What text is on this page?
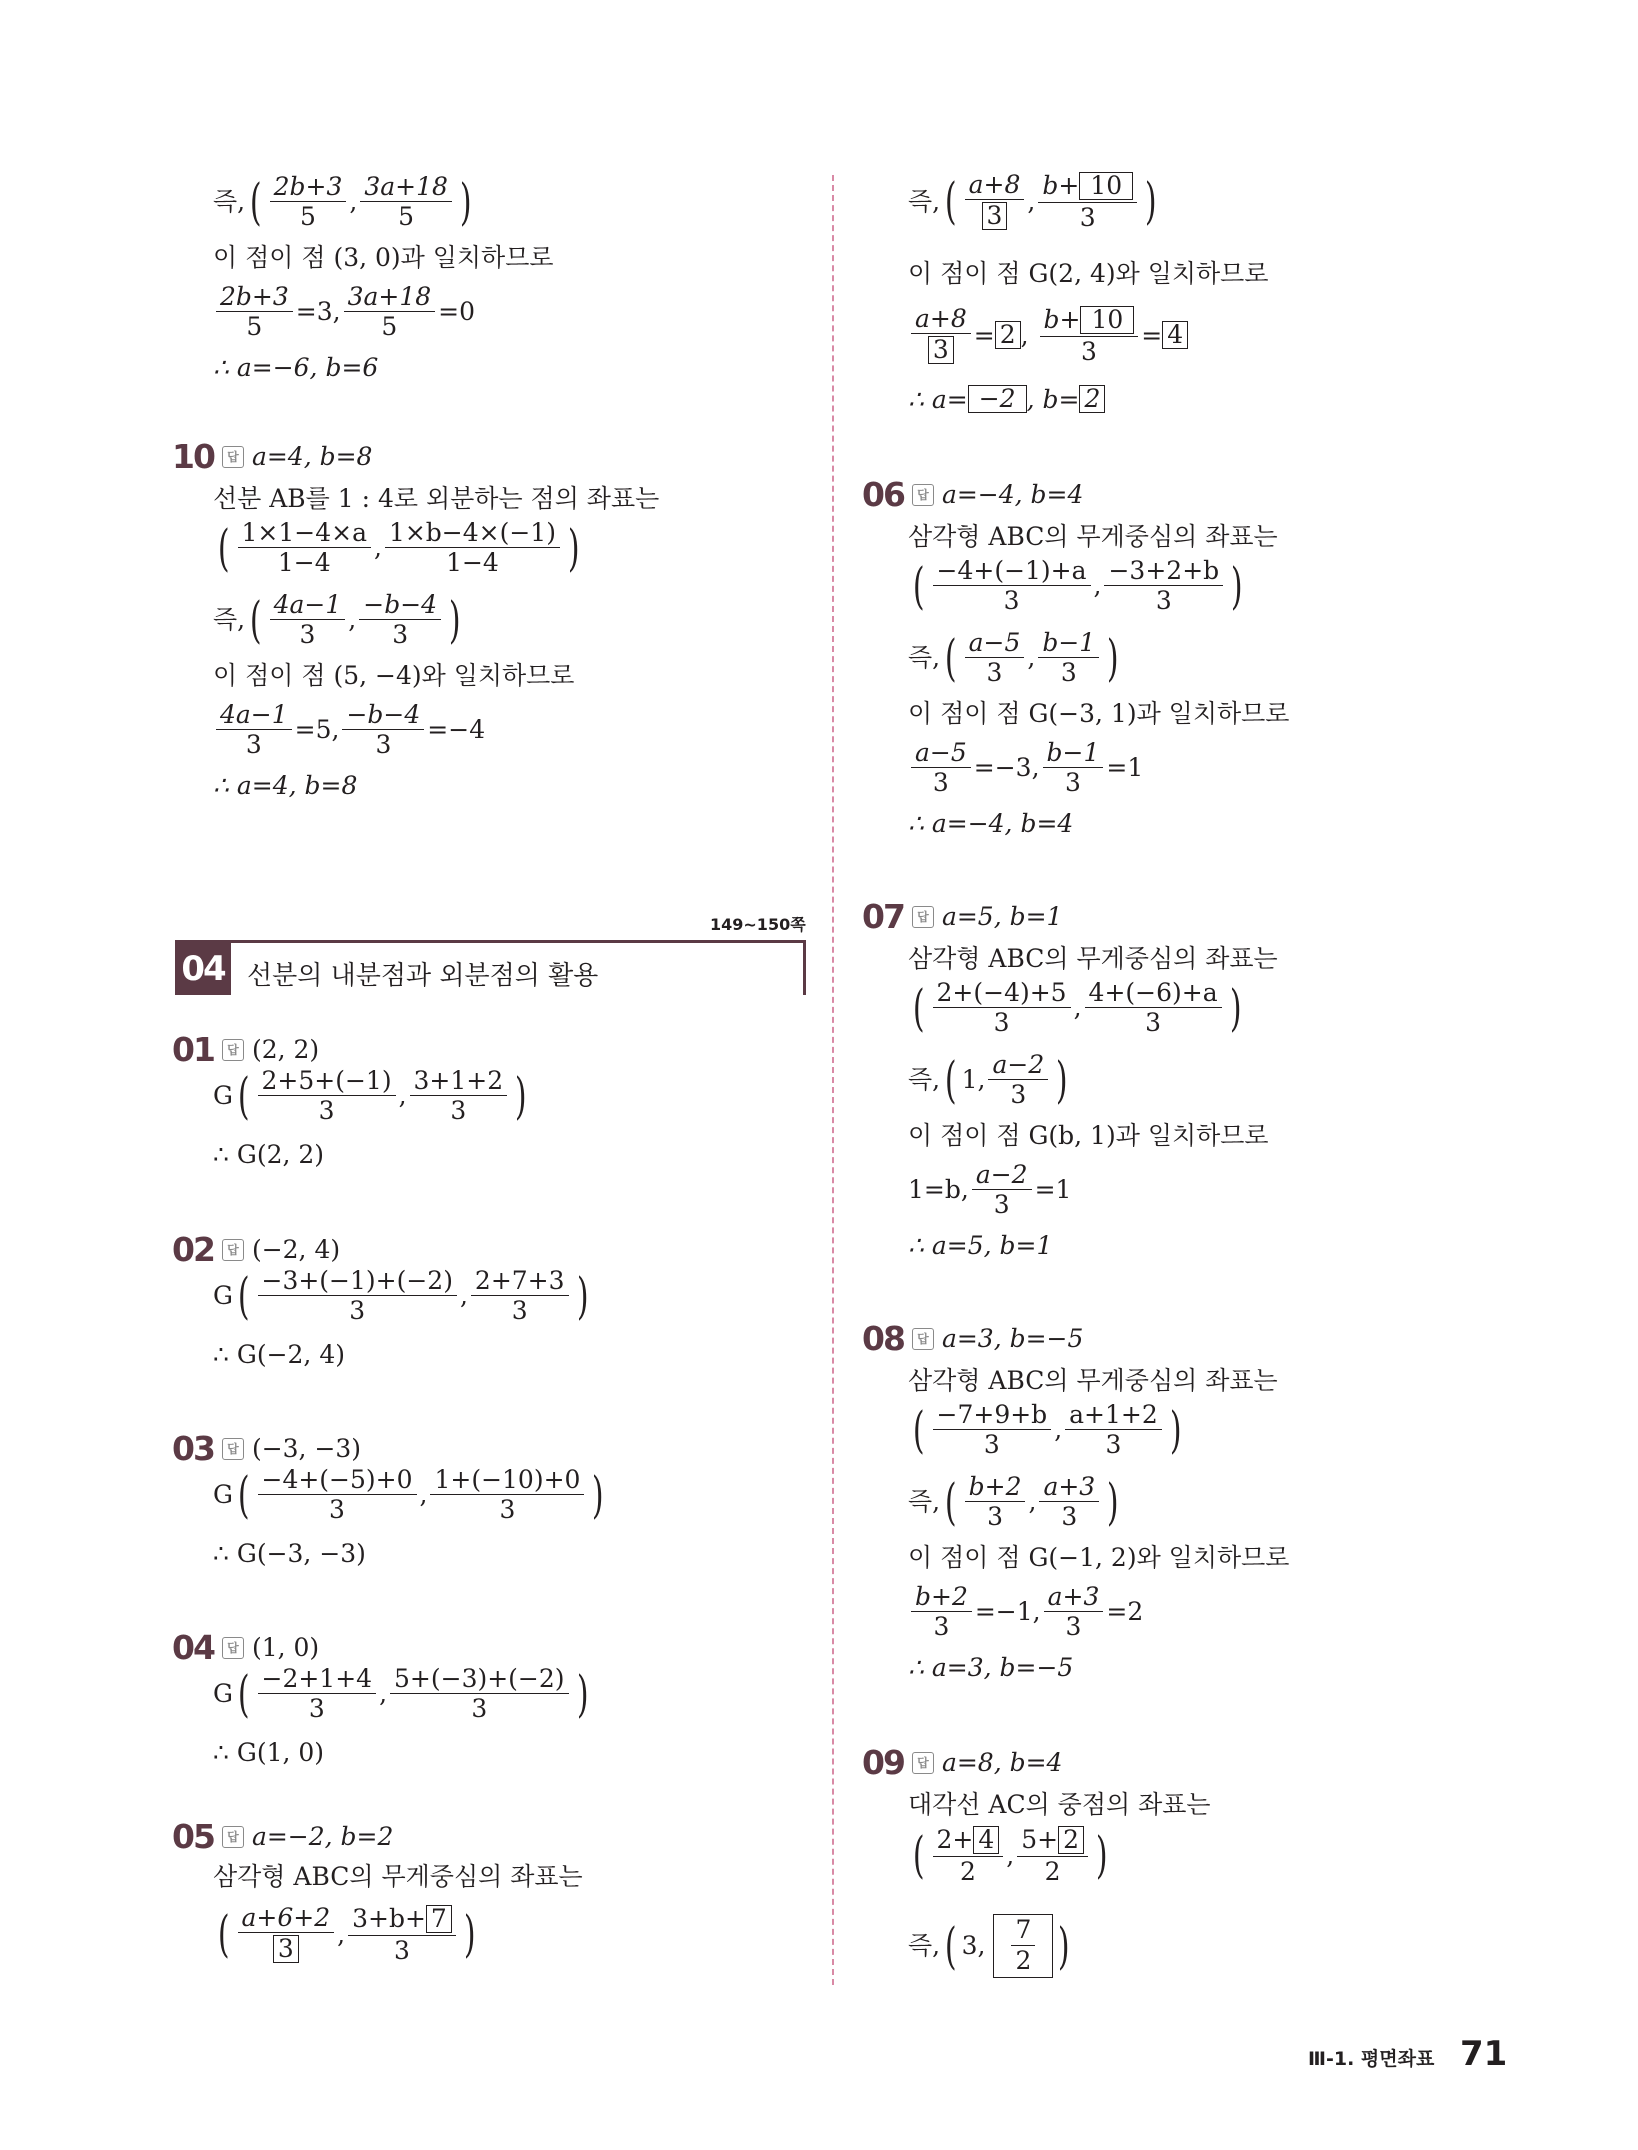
즉, ( $\frac{2b+3}{5}$ , $\frac{3a+18}{5}$ )
이 점이 점 (3, 0)과 일치하므로
$\frac{2b+3}{5} =3$, $\frac{3a+18}{5} =0$
∴ a=−6, b=6
10	답 a=4, b=8
선분 AB를 1 : 4로 외분하는 점의 좌표는
( $\frac{1\times 1-4\times a}{1-4}$ , $\frac{1\times b-4\times(-1)}{1-4}$ )
즉, ( $\frac{4a-1}{3}$ , $\frac{-b-4}{3}$ )
이 점이 점 (5, −4)와 일치하므로
$\frac{4a-1}{3} =5$, $\frac{-b-4}{3} =-4$
∴ a=4, b=8
149~150쪽
04 선분의 내분점과 외분점의 활용
01	답 (2, 2)
G ( $\frac{2+5+(-1)}{3}$ , $\frac{3+1+2}{3}$ )
∴ G(2, 2)
02	답 (−2, 4)
G ( $\frac{-3+(-1)+(-2)}{3}$ , $\frac{2+7+3}{3}$ )
∴ G(−2, 4)
03	답 (−3, −3)
G ( $\frac{-4+(-5)+0}{3}$ , $\frac{1+(-10)+0}{3}$ )
∴ G(−3, −3)
04	답 (1, 0)
G ( $\frac{-2+1+4}{3}$ , $\frac{5+(-3)+(-2)}{3}$ )
∴ G(1, 0)
05	답 a=−2, b=2
삼각형 ABC의 무게중심의 좌표는
( $\frac{a+6+2}{3}$ , $\frac{3+b+ 7}{3}$ )
즉, ( $\frac{a+8}{3}$ , $\frac{b+ 10}{3}$ )
이 점이 점 G(2, 4)와 일치하므로
$\frac{a+8}{3} = 2$ ,
$\frac{b+ 10}{3} = 4$
∴ a= −2 , b= 2
06	답 a=−4, b=4
삼각형 ABC의 무게중심의 좌표는
( $\frac{-4+(-1)+a}{3}$ , $\frac{-3+2+b}{3}$ )
즉, ( $\frac{a-5}{3}$ , $\frac{b-1}{3}$ )
이 점이 점 G(−3, 1)과 일치하므로
$\frac{a-5}{3} =-3$, $\frac{b-1}{3} =1$
∴ a=−4, b=4
07	답 a=5, b=1
삼각형 ABC의 무게중심의 좌표는
( $\frac{2+(-4)+5}{3}$ , $\frac{4+(-6)+a}{3}$ )
즉, ( 1, $\frac{a-2}{3}$ )
이 점이 점 G(b, 1)과 일치하므로
1=b, $\frac{a-2}{3} =1$
∴ a=5, b=1
08	답 a=3, b=−5
삼각형 ABC의 무게중심의 좌표는
( $\frac{-7+9+b}{3}$ , $\frac{a+1+2}{3}$ )
즉, ( $\frac{b+2}{3}$ , $\frac{a+3}{3}$ )
이 점이 점 G(−1, 2)와 일치하므로
$\frac{b+2}{3} =-1$, $\frac{a+3}{3} =2$
∴ a=3, b=−5
09	답 a=8, b=4
대각선 AC의 중점의 좌표는
( $\frac{2+ 4}{2}$ , $\frac{5+ 2}{2}$ )
즉, ( 3,
$\frac{7}{2}$ )
Ⅲ-1. 평면좌표 71
